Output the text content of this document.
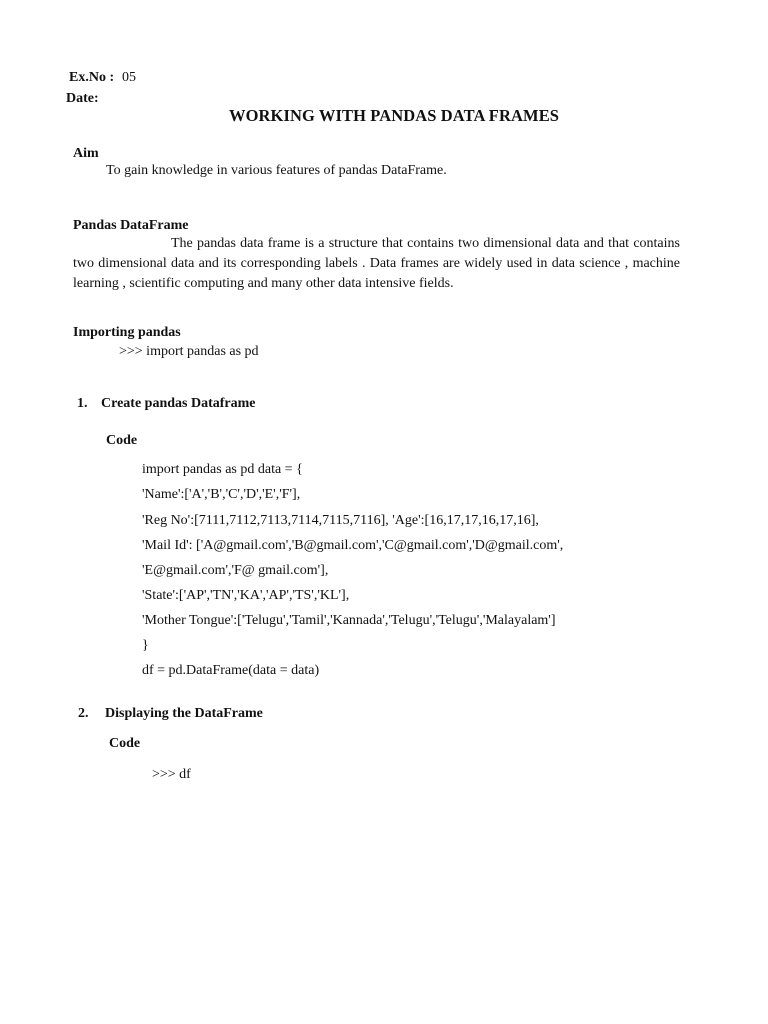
Ex.No : 05
Date:
WORKING WITH PANDAS DATA FRAMES
Aim
To gain knowledge in various features of pandas DataFrame.
Pandas DataFrame
The pandas data frame is a structure that contains two dimensional data and that contains two dimensional data and its corresponding labels . Data frames are widely used in data science , machine learning , scientific computing and many other data intensive fields.
Importing pandas
>>> import pandas as pd
1. Create pandas Dataframe
Code
import pandas as pd data = {
'Name':['A','B','C','D','E','F'],
'Reg No':[7111,7112,7113,7114,7115,7116], 'Age':[16,17,17,16,17,16],
'Mail Id': ['A@gmail.com','B@gmail.com','C@gmail.com','D@gmail.com',
'E@gmail.com','F@ gmail.com'],
'State':['AP','TN','KA','AP','TS','KL'],
'Mother Tongue':['Telugu','Tamil','Kannada','Telugu','Telugu','Malayalam']
}
df = pd.DataFrame(data = data)
2. Displaying the DataFrame
Code
>>> df
